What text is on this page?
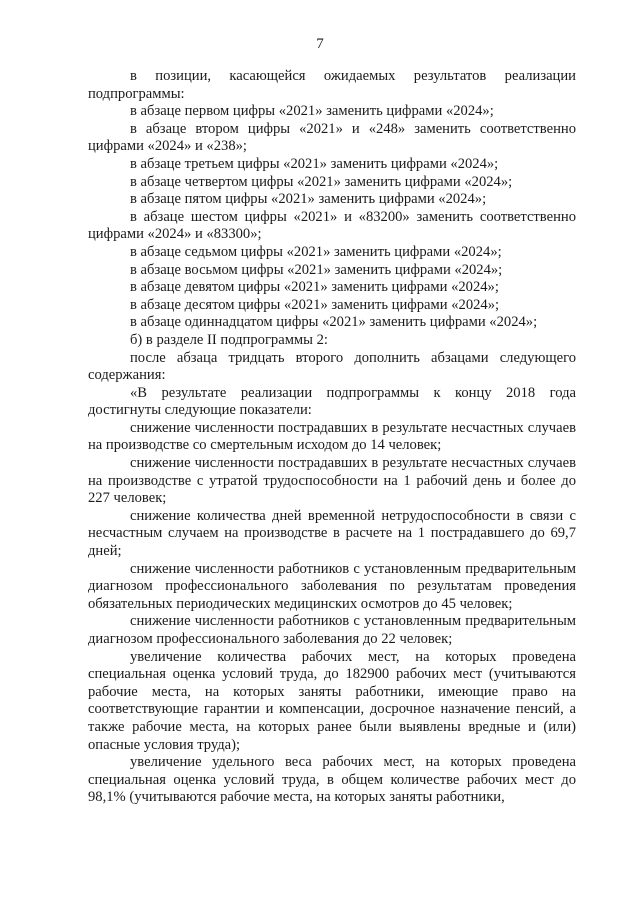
7

в позиции, касающейся ожидаемых результатов реализации подпрограммы:

в абзаце первом цифры «2021» заменить цифрами «2024»;

в абзаце втором цифры «2021» и «248» заменить соответственно цифрами «2024» и «238»;

в абзаце третьем цифры «2021» заменить цифрами «2024»;

в абзаце четвертом цифры «2021» заменить цифрами «2024»;

в абзаце пятом цифры «2021» заменить цифрами «2024»;

в абзаце шестом цифры «2021» и «83200» заменить соответственно цифрами «2024» и «83300»;

в абзаце седьмом цифры «2021» заменить цифрами «2024»;

в абзаце восьмом цифры «2021» заменить цифрами «2024»;

в абзаце девятом цифры «2021» заменить цифрами «2024»;

в абзаце десятом цифры «2021» заменить цифрами «2024»;

в абзаце одиннадцатом цифры «2021» заменить цифрами «2024»;

б) в разделе II подпрограммы 2:

после абзаца тридцать второго дополнить абзацами следующего содержания:

«В результате реализации подпрограммы к концу 2018 года достигнуты следующие показатели:

снижение численности пострадавших в результате несчастных случаев на производстве со смертельным исходом до 14 человек;

снижение численности пострадавших в результате несчастных случаев на производстве с утратой трудоспособности на 1 рабочий день и более до 227 человек;

снижение количества дней временной нетрудоспособности в связи с несчастным случаем на производстве в расчете на 1 пострадавшего до 69,7 дней;

снижение численности работников с установленным предварительным диагнозом профессионального заболевания по результатам проведения обязательных периодических медицинских осмотров до 45 человек;

снижение численности работников с установленным предварительным диагнозом профессионального заболевания до 22 человек;

увеличение количества рабочих мест, на которых проведена специальная оценка условий труда, до 182900 рабочих мест (учитываются рабочие места, на которых заняты работники, имеющие право на соответствующие гарантии и компенсации, досрочное назначение пенсий, а также рабочие места, на которых ранее были выявлены вредные и (или) опасные условия труда);

увеличение удельного веса рабочих мест, на которых проведена специальная оценка условий труда, в общем количестве рабочих мест до 98,1% (учитываются рабочие места, на которых заняты работники,
